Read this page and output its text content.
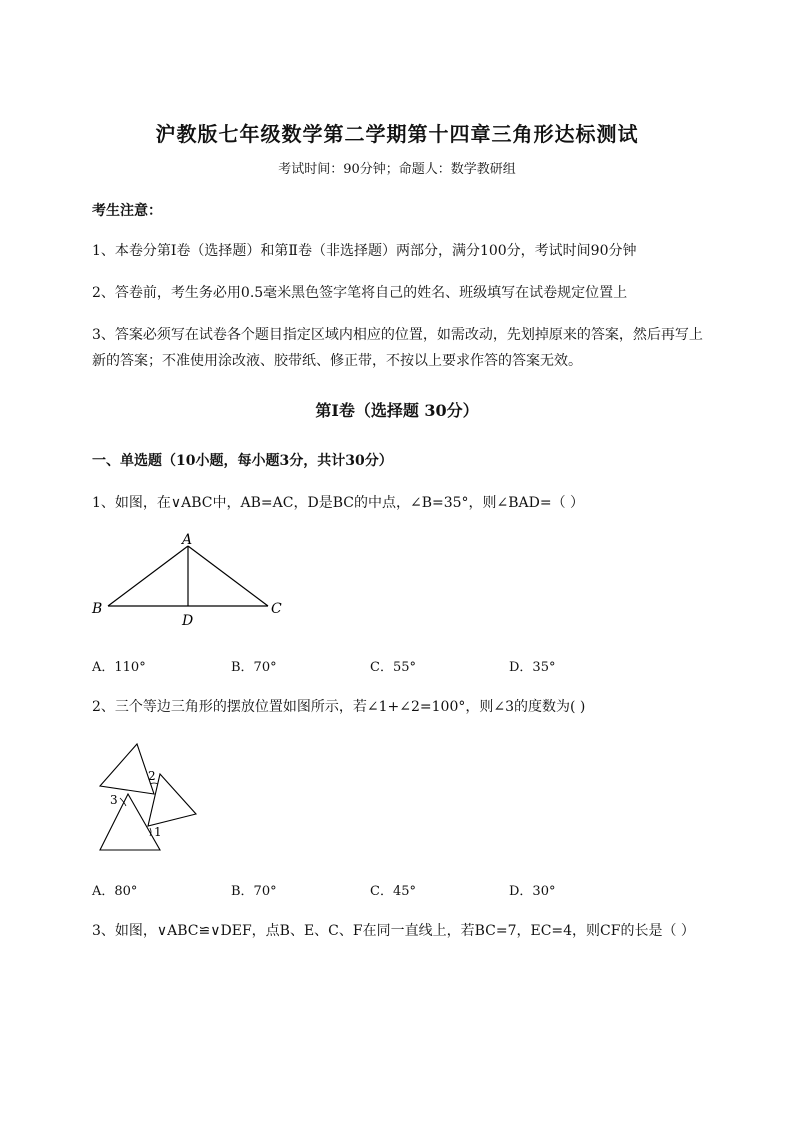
沪教版七年级数学第二学期第十四章三角形达标测试
考试时间：90分钟；命题人：数学教研组
考生注意：
1、本卷分第I卷（选择题）和第Ⅱ卷（非选择题）两部分，满分100分，考试时间90分钟
2、答卷前，考生务必用0.5毫米黑色签字笔将自己的姓名、班级填写在试卷规定位置上
3、答案必须写在试卷各个题目指定区域内相应的位置，如需改动，先划掉原来的答案，然后再写上新的答案；不准使用涂改液、胶带纸、修正带，不按以上要求作答的答案无效。
第I卷（选择题 30分）
一、单选题（10小题，每小题3分，共计30分）
1、如图，在∨ABC中，AB=AC，D是BC的中点，∠B=35°，则∠BAD=（ ）
A
B	C
D
A．110°	B．70°	C．55°	D．35°
2、三个等边三角形的摆放位置如图所示，若∠1+∠2=100°，则∠3的度数为( )
1
2
3
A．80°	B．70°	C．45°	D．30°
3、如图，∨ABC≌∨DEF，点B、E、C、F在同一直线上，若BC=7，EC=4，则CF的长是（ ）
